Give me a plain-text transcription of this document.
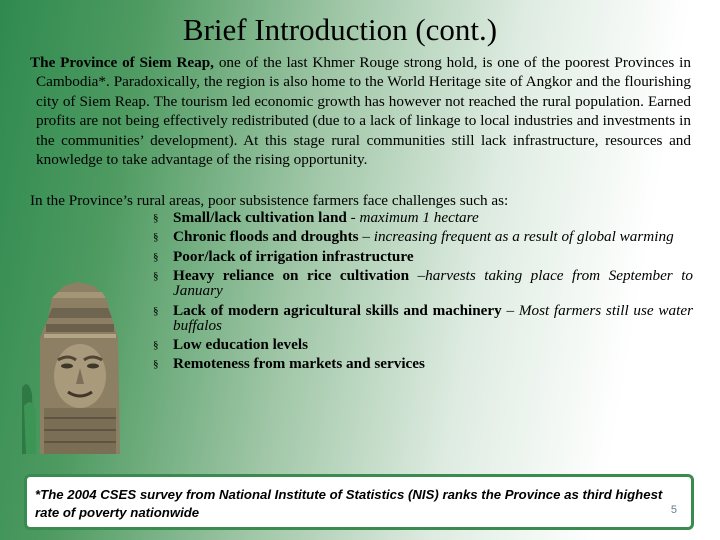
Brief Introduction (cont.)
The Province of Siem Reap, one of the last Khmer Rouge strong hold, is one of the poorest Provinces in Cambodia*. Paradoxically, the region is also home to the World Heritage site of Angkor and the flourishing city of Siem Reap. The tourism led economic growth has however not reached the rural population. Earned profits are not being effectively redistributed (due to a lack of linkage to local industries and investments in the communities’ development). At this stage rural communities still lack infrastructure, resources and knowledge to take advantage of the rising opportunity.
In the Province’s rural areas, poor subsistence farmers face challenges such as:
§ Small/lack cultivation land - maximum 1 hectare
§ Chronic floods and droughts – increasing frequent as a result of global warming
§ Poor/lack of irrigation infrastructure
§ Heavy reliance on rice cultivation –harvests taking place from September to January
§ Lack of modern agricultural skills and machinery – Most farmers still use water buffalos
§ Low education levels
§ Remoteness from markets and services
*The 2004 CSES survey from National Institute of Statistics (NIS) ranks the Province as third highest rate of poverty nationwide	5
